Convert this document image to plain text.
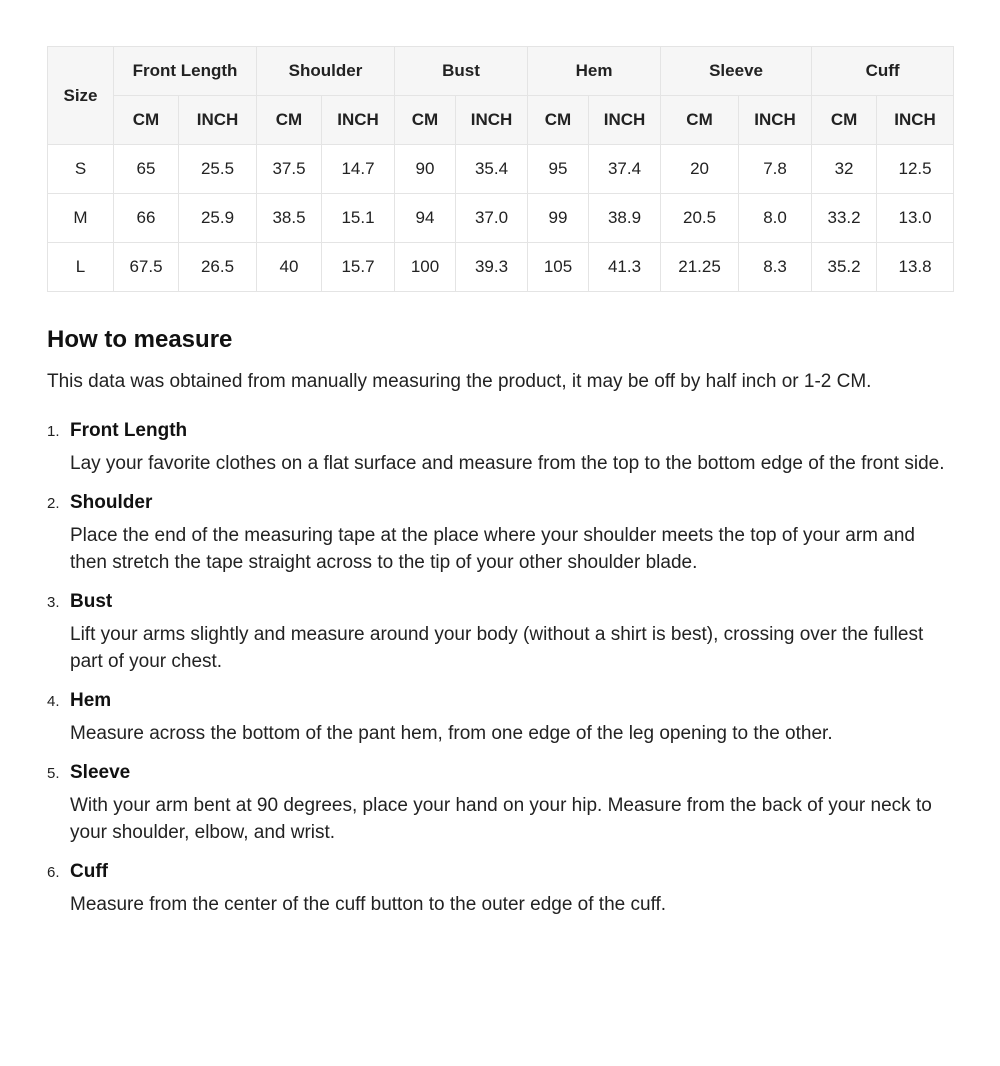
Size	Front Length		Shoulder		Bust		Hem		Sleeve		Cuff	
	CM	INCH	CM	INCH	CM	INCH	CM	INCH	CM	INCH	CM	INCH
S	65	25.5	37.5	14.7	90	35.4	95	37.4	20	7.8	32	12.5
M	66	25.9	38.5	15.1	94	37.0	99	38.9	20.5	8.0	33.2	13.0
L	67.5	26.5	40	15.7	100	39.3	105	41.3	21.25	8.3	35.2	13.8
How to measure

This data was obtained from manually measuring the product, it may be off by half inch or 1-2 CM.

1. Front Length

Lay your favorite clothes on a flat surface and measure from the top to the bottom edge of the front side.

2. Shoulder

Place the end of the measuring tape at the place where your shoulder meets the top of your arm and then stretch the tape straight across to the tip of your other shoulder blade.

3. Bust

Lift your arms slightly and measure around your body (without a shirt is best), crossing over the fullest part of your chest.

4. Hem

Measure across the bottom of the pant hem, from one edge of the leg opening to the other.

5. Sleeve

With your arm bent at 90 degrees, place your hand on your hip. Measure from the back of your neck to your shoulder, elbow, and wrist.

6. Cuff

Measure from the center of the cuff button to the outer edge of the cuff.
